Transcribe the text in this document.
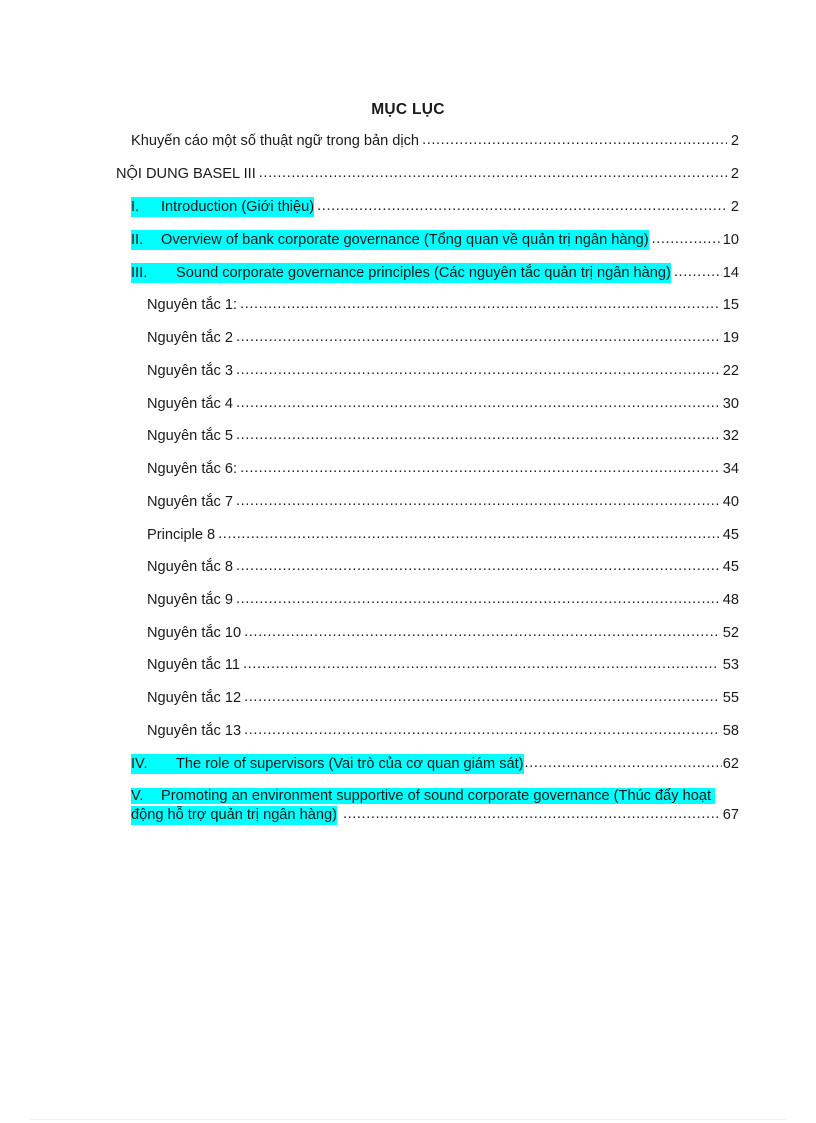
MỤC LỤC
Khuyến cáo một số thuật ngữ trong bản dịch .....	2
NỘI DUNG BASEL III .....	2
I. Introduction (Giới thiệu) .....	2
II. Overview of bank corporate governance (Tổng quan về quản trị ngân hàng) .....	10
III. Sound corporate governance principles (Các nguyên tắc quản trị ngân hàng) .....	14
Nguyên tắc 1: .....	15
Nguyên tắc 2 .....	19
Nguyên tắc 3 .....	22
Nguyên tắc 4 .....	30
Nguyên tắc 5 .....	32
Nguyên tắc 6: .....	34
Nguyên tắc 7 .....	40
Principle 8 .....	45
Nguyên tắc 8 .....	45
Nguyên tắc 9 .....	48
Nguyên tắc 10 .....	52
Nguyên tắc 11 .....	53
Nguyên tắc 12 .....	55
Nguyên tắc 13 .....	58
IV. The role of supervisors (Vai trò của cơ quan giám sát) .....	62
V. Promoting an environment supportive of sound corporate governance (Thúc đẩy hoạt
động hỗ trợ quản trị ngân hàng) .....	67
